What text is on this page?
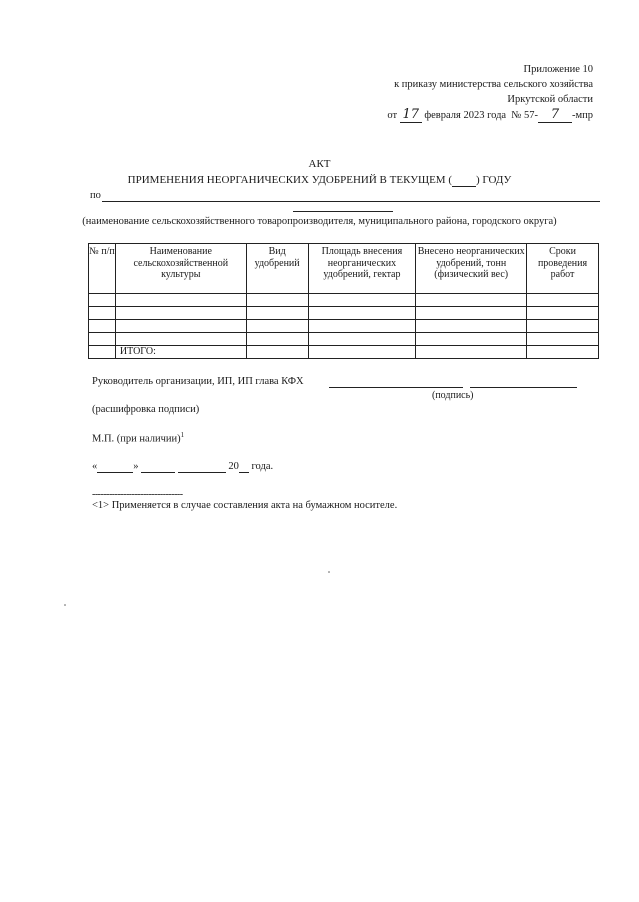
Приложение 10
к приказу министерства сельского хозяйства
Иркутской области
от 17 февраля 2023 года № 57- 7 -мпр
АКТ
ПРИМЕНЕНИЯ НЕОРГАНИЧЕСКИХ УДОБРЕНИЙ В ТЕКУЩЕМ ( ) ГОДУ
по
(наименование сельскохозяйственного товаропроизводителя, муниципального района, городского округа)
№ п/п	Наименование сельскохозяйственной культуры	Вид удобрений	Площадь внесения неорганических удобрений, гектар	Внесено неорганических удобрений, тонн (физический вес)	Сроки проведения работ

	ИТОГО:				
Руководитель организации, ИП, ИП глава КФХ
(подпись)
(расшифровка подписи)
М.П. (при наличии)$^1$
«	»	20  года.
--------------------------------
<1> Применяется в случае составления акта на бумажном носителе.
